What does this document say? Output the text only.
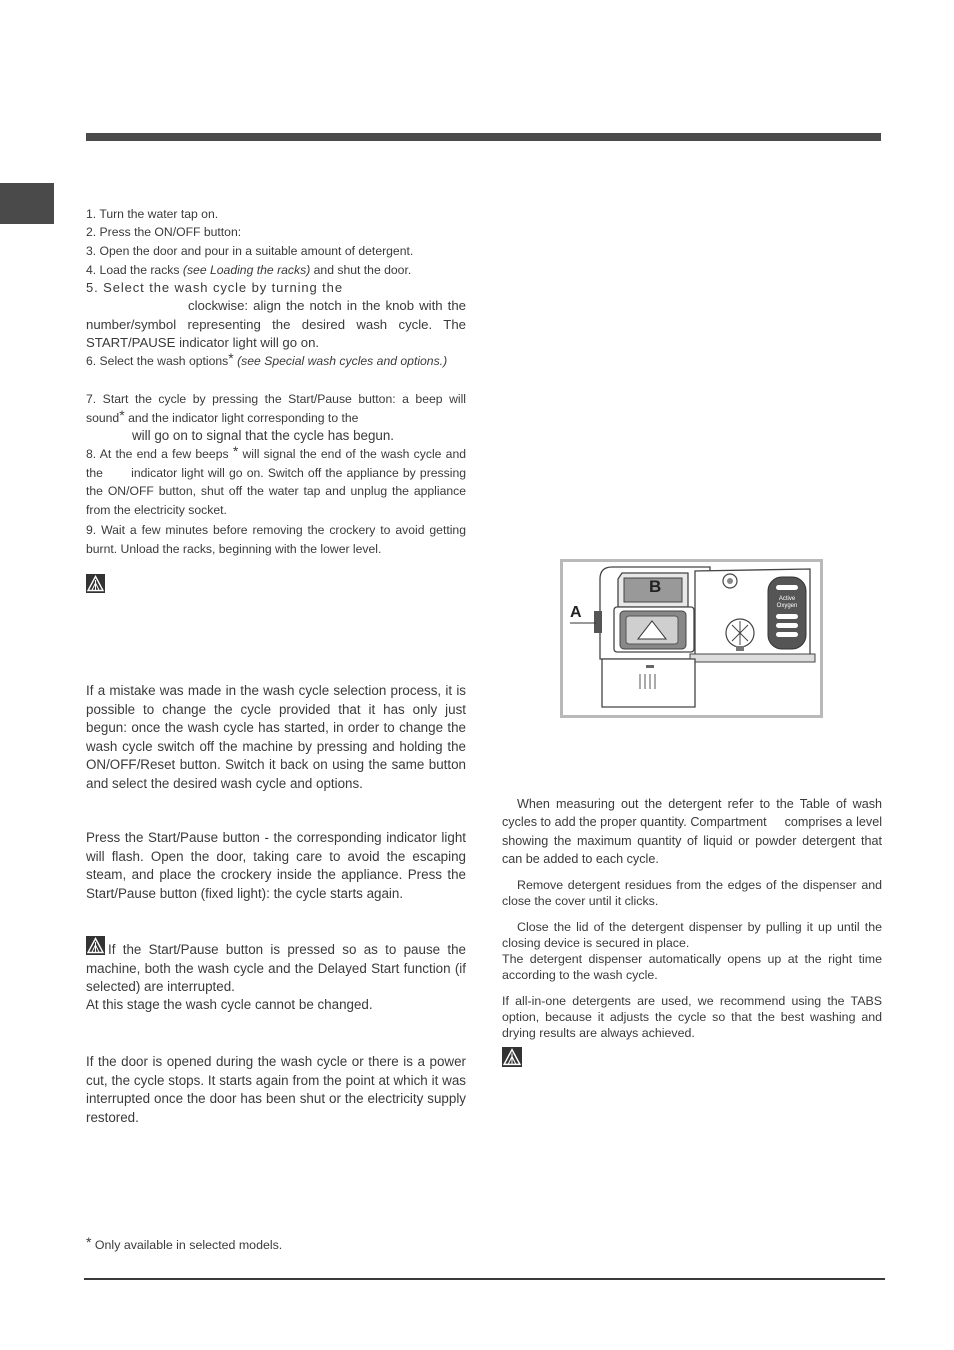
1. Turn the water tap on.

2. Press the ON/OFF button:

3. Open the door and pour in a suitable amount of detergent.

4. Load the racks (see Loading the racks) and shut the door.

5. Select the wash cycle by turning the

clockwise: align the notch in the knob with the number/symbol representing the desired wash cycle. The START/PAUSE indicator light will go on.

6. Select the wash options* (see Special wash cycles and options.)

7. Start the cycle by pressing the Start/Pause button: a beep will sound* and the indicator light corresponding to the
will go on to signal that the cycle has begun.

8. At the end a few beeps * will signal the end of the wash cycle and the indicator light will go on. Switch off the appliance by pressing the ON/OFF button, shut off the water tap and unplug the appliance from the electricity socket.

9. Wait a few minutes before removing the crockery to avoid getting burnt. Unload the racks, beginning with the lower level.

If a mistake was made in the wash cycle selection process, it is possible to change the cycle provided that it has only just begun: once the wash cycle has started, in order to change the wash cycle switch off the machine by pressing and holding the ON/OFF/Reset button. Switch it back on using the same button and select the desired wash cycle and options.

Press the Start/Pause button - the corresponding indicator light will flash. Open the door, taking care to avoid the escaping steam, and place the crockery inside the appliance. Press the Start/Pause button (fixed light): the cycle starts again.

If the Start/Pause button is pressed so as to pause the machine, both the wash cycle and the Delayed Start function (if selected) are interrupted.

At this stage the wash cycle cannot be changed.

If the door is opened during the wash cycle or there is a power cut, the cycle stops. It starts again from the point at which it was interrupted once the door has been shut or the electricity supply restored.

B
A
Active
Oxygen

When measuring out the detergent refer to the Table of wash cycles to add the proper quantity. Compartment comprises a level showing the maximum quantity of liquid or powder detergent that can be added to each cycle.

Remove detergent residues from the edges of the dispenser and close the cover until it clicks.

Close the lid of the detergent dispenser by pulling it up until the closing device is secured in place.

The detergent dispenser automatically opens up at the right time according to the wash cycle.

If all-in-one detergents are used, we recommend using the TABS option, because it adjusts the cycle so that the best washing and drying results are always achieved.

* Only available in selected models.
